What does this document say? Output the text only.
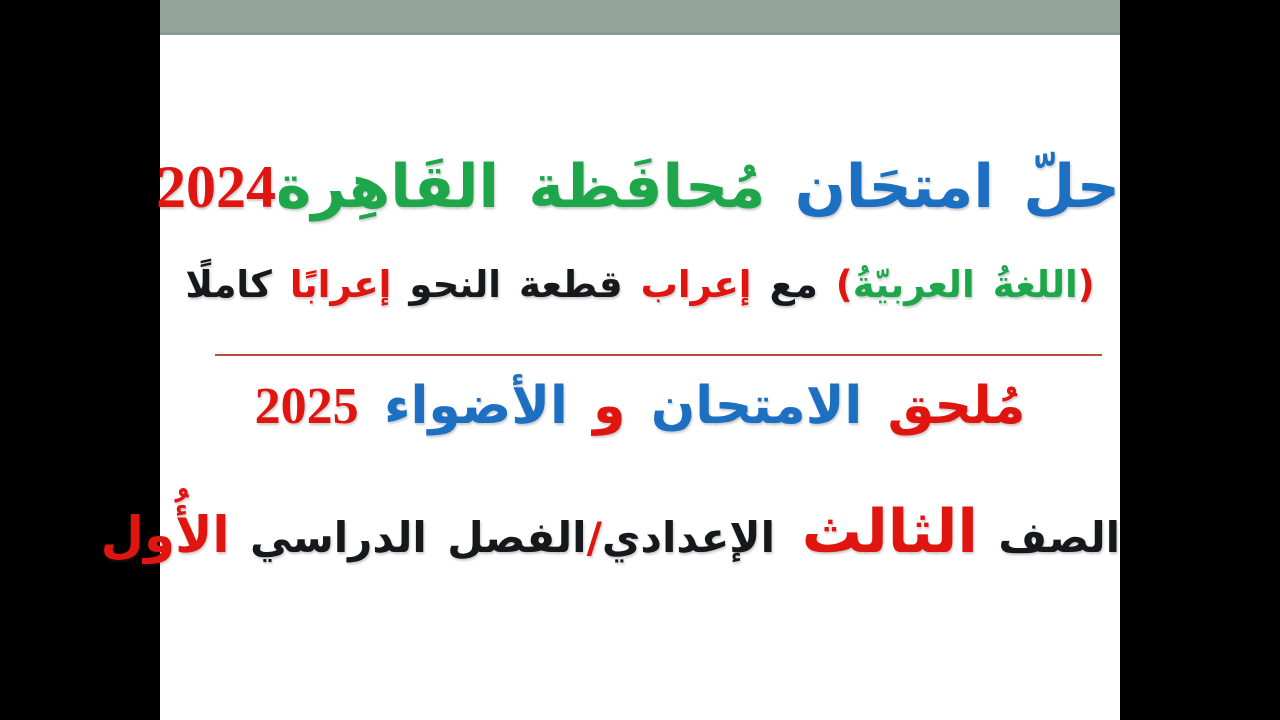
حلّ امتحَان مُحافَظة القَاهِرة2024
(اللغةُ العربيّةُ) مع إعراب قطعة النحو إعرابًا كاملًا
مُلحق الامتحان و الأضواء 2025
الصف الثالث الإعدادي/الفصل الدراسي الأُول
